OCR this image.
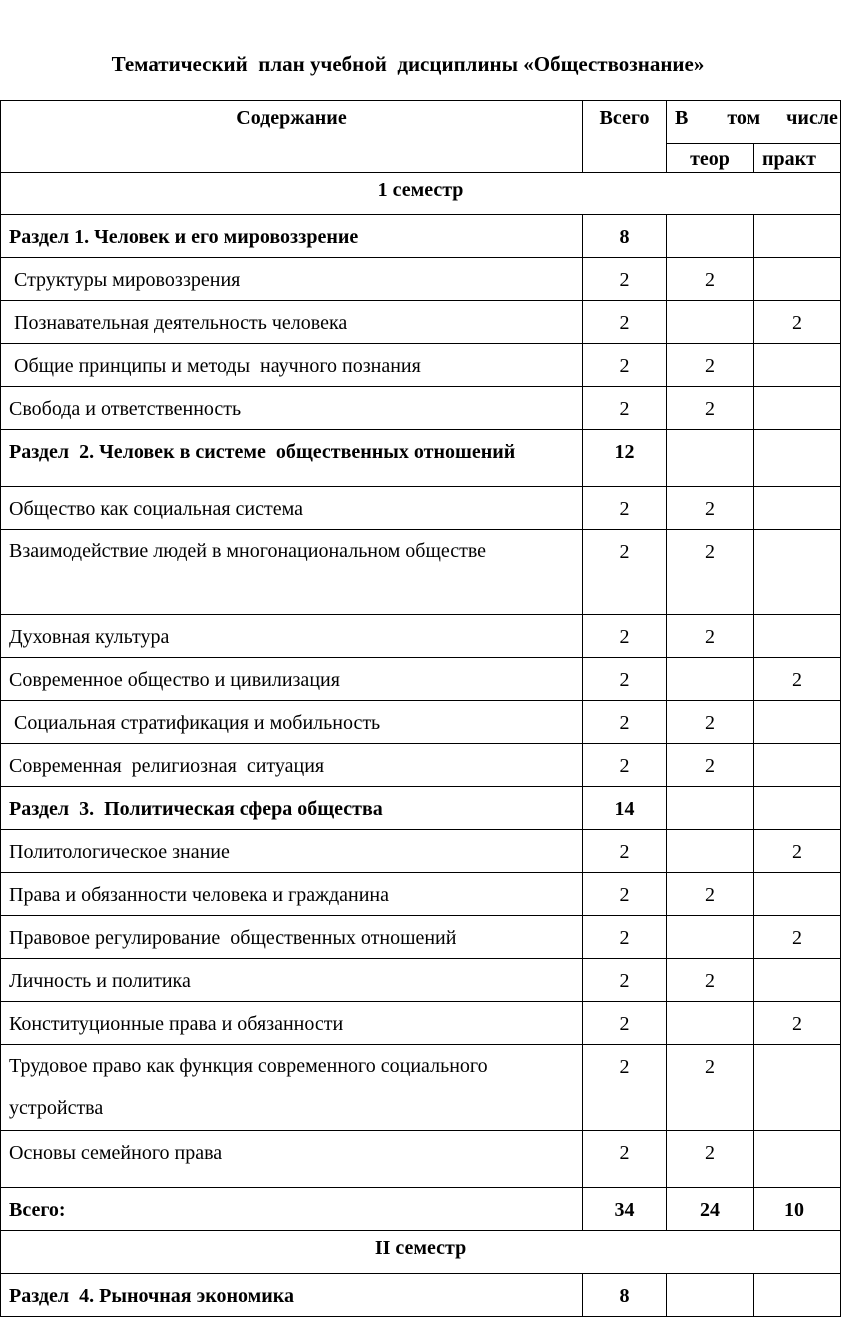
Тематический  план учебной  дисциплины «Обществознание»
Содержание	Всего	В   том  числе	
		теор	практ
1 семестр			
Раздел 1. Человек и его мировоззрение	8		
Структуры мировоззрения	2	2	
Познавательная деятельность человека	2		2
Общие принципы и методы  научного познания	2	2	
Свобода и ответственность	2	2	
Раздел  2. Человек в системе  общественных отношений	12		
Общество как социальная система	2	2	
Взаимодействие людей в многонациональном обществе	2	2	
Духовная культура	2	2	
Современное общество и цивилизация	2		2
Социальная стратификация и мобильность	2	2	
Современная  религиозная  ситуация	2	2	
Раздел  3.  Политическая сфера общества	14		
Политологическое знание	2		2
Права и обязанности человека и гражданина	2	2	
Правовое регулирование  общественных отношений	2		2
Личность и политика	2	2	
Конституционные права и обязанности	2		2
Трудовое право как функция современного социального устройства	2	2	
Основы семейного права	2	2	
Всего:	34	24	10
II семестр			
Раздел  4. Рыночная экономика	8		
